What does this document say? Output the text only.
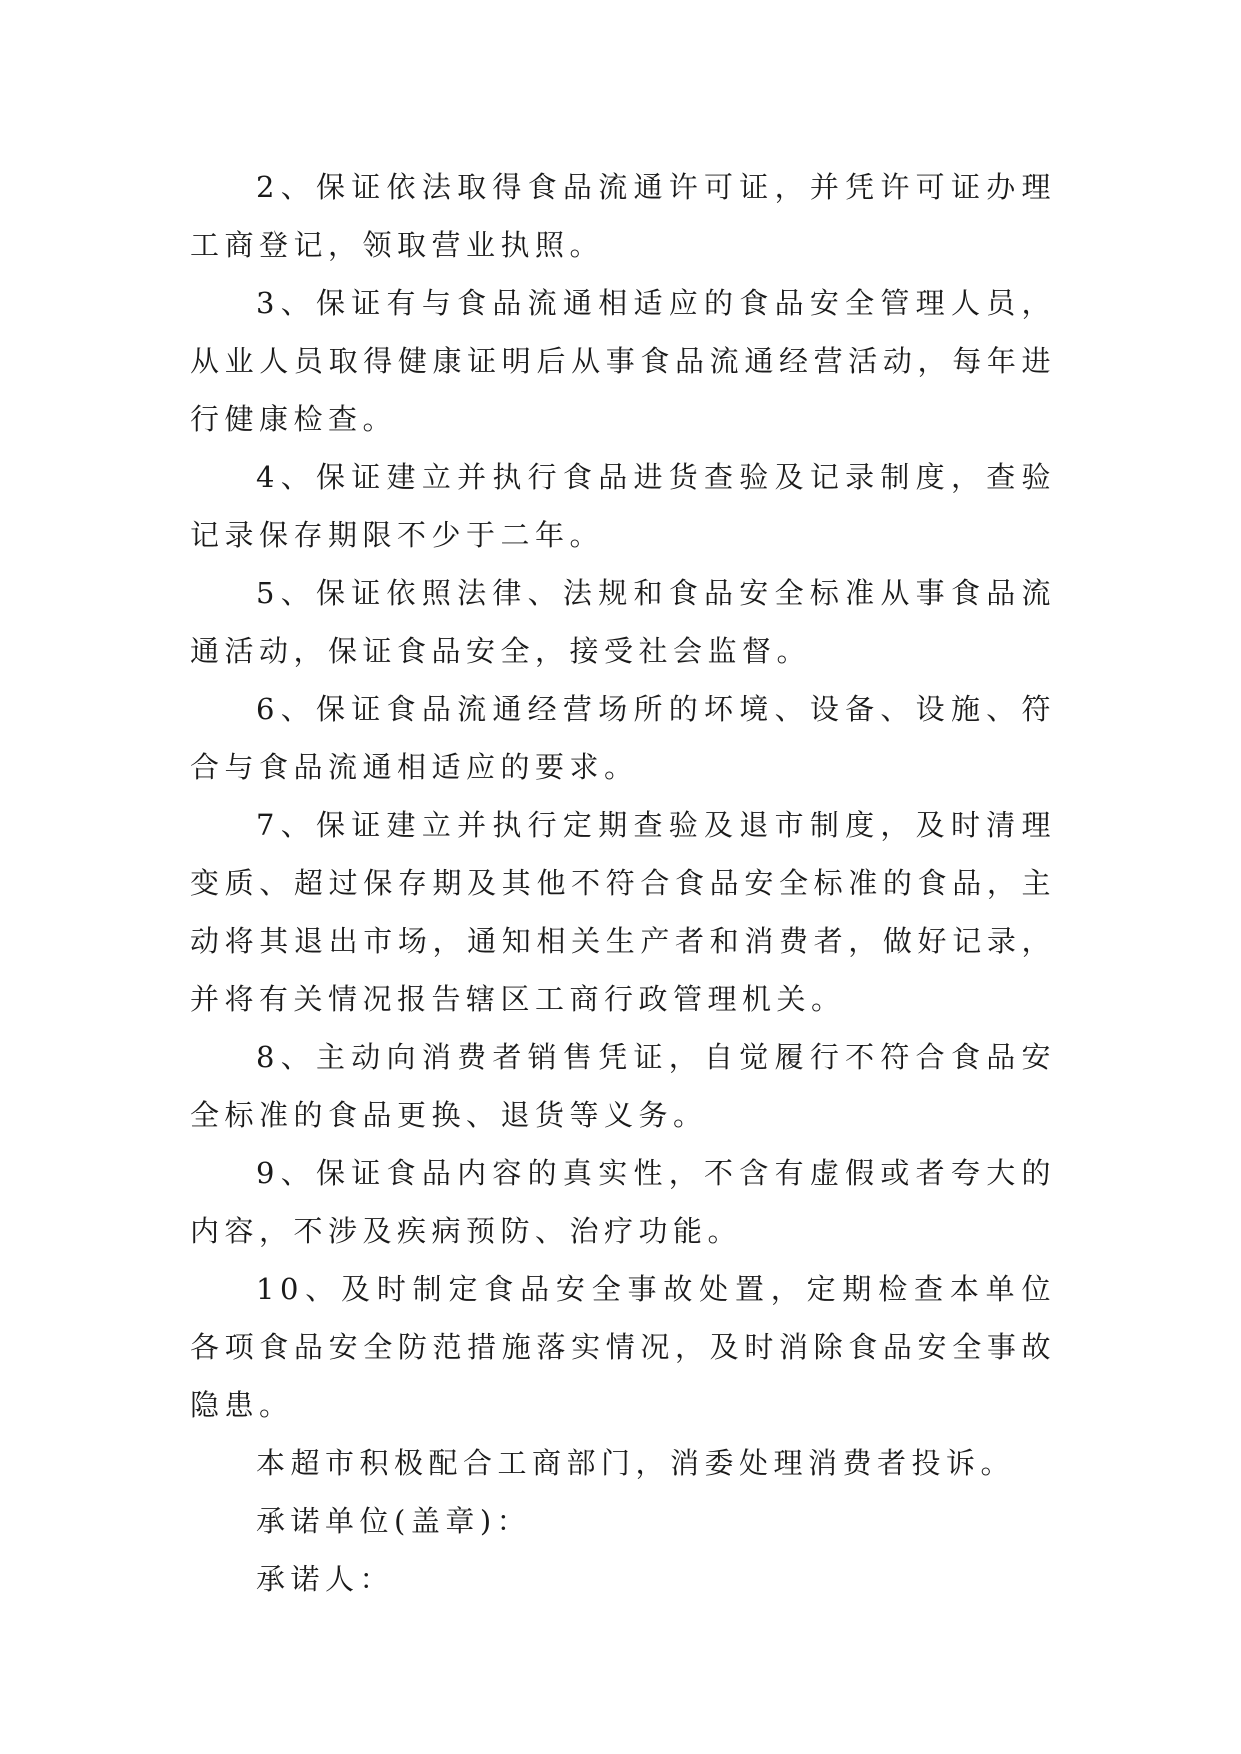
2、保证依法取得食品流通许可证，并凭许可证办理工商登记，领取营业执照。

3、保证有与食品流通相适应的食品安全管理人员，从业人员取得健康证明后从事食品流通经营活动，每年进行健康检查。

4、保证建立并执行食品进货查验及记录制度，查验记录保存期限不少于二年。

5、保证依照法律、法规和食品安全标准从事食品流通活动，保证食品安全，接受社会监督。

6、保证食品流通经营场所的坏境、设备、设施、符合与食品流通相适应的要求。

7、保证建立并执行定期查验及退市制度，及时清理变质、超过保存期及其他不符合食品安全标准的食品，主动将其退出市场，通知相关生产者和消费者，做好记录，并将有关情况报告辖区工商行政管理机关。

8、主动向消费者销售凭证，自觉履行不符合食品安全标准的食品更换、退货等义务。

9、保证食品内容的真实性，不含有虚假或者夸大的内容，不涉及疾病预防、治疗功能。

10、及时制定食品安全事故处置，定期检查本单位各项食品安全防范措施落实情况，及时消除食品安全事故隐患。

本超市积极配合工商部门，消委处理消费者投诉。

承诺单位(盖章)：

承诺人：
